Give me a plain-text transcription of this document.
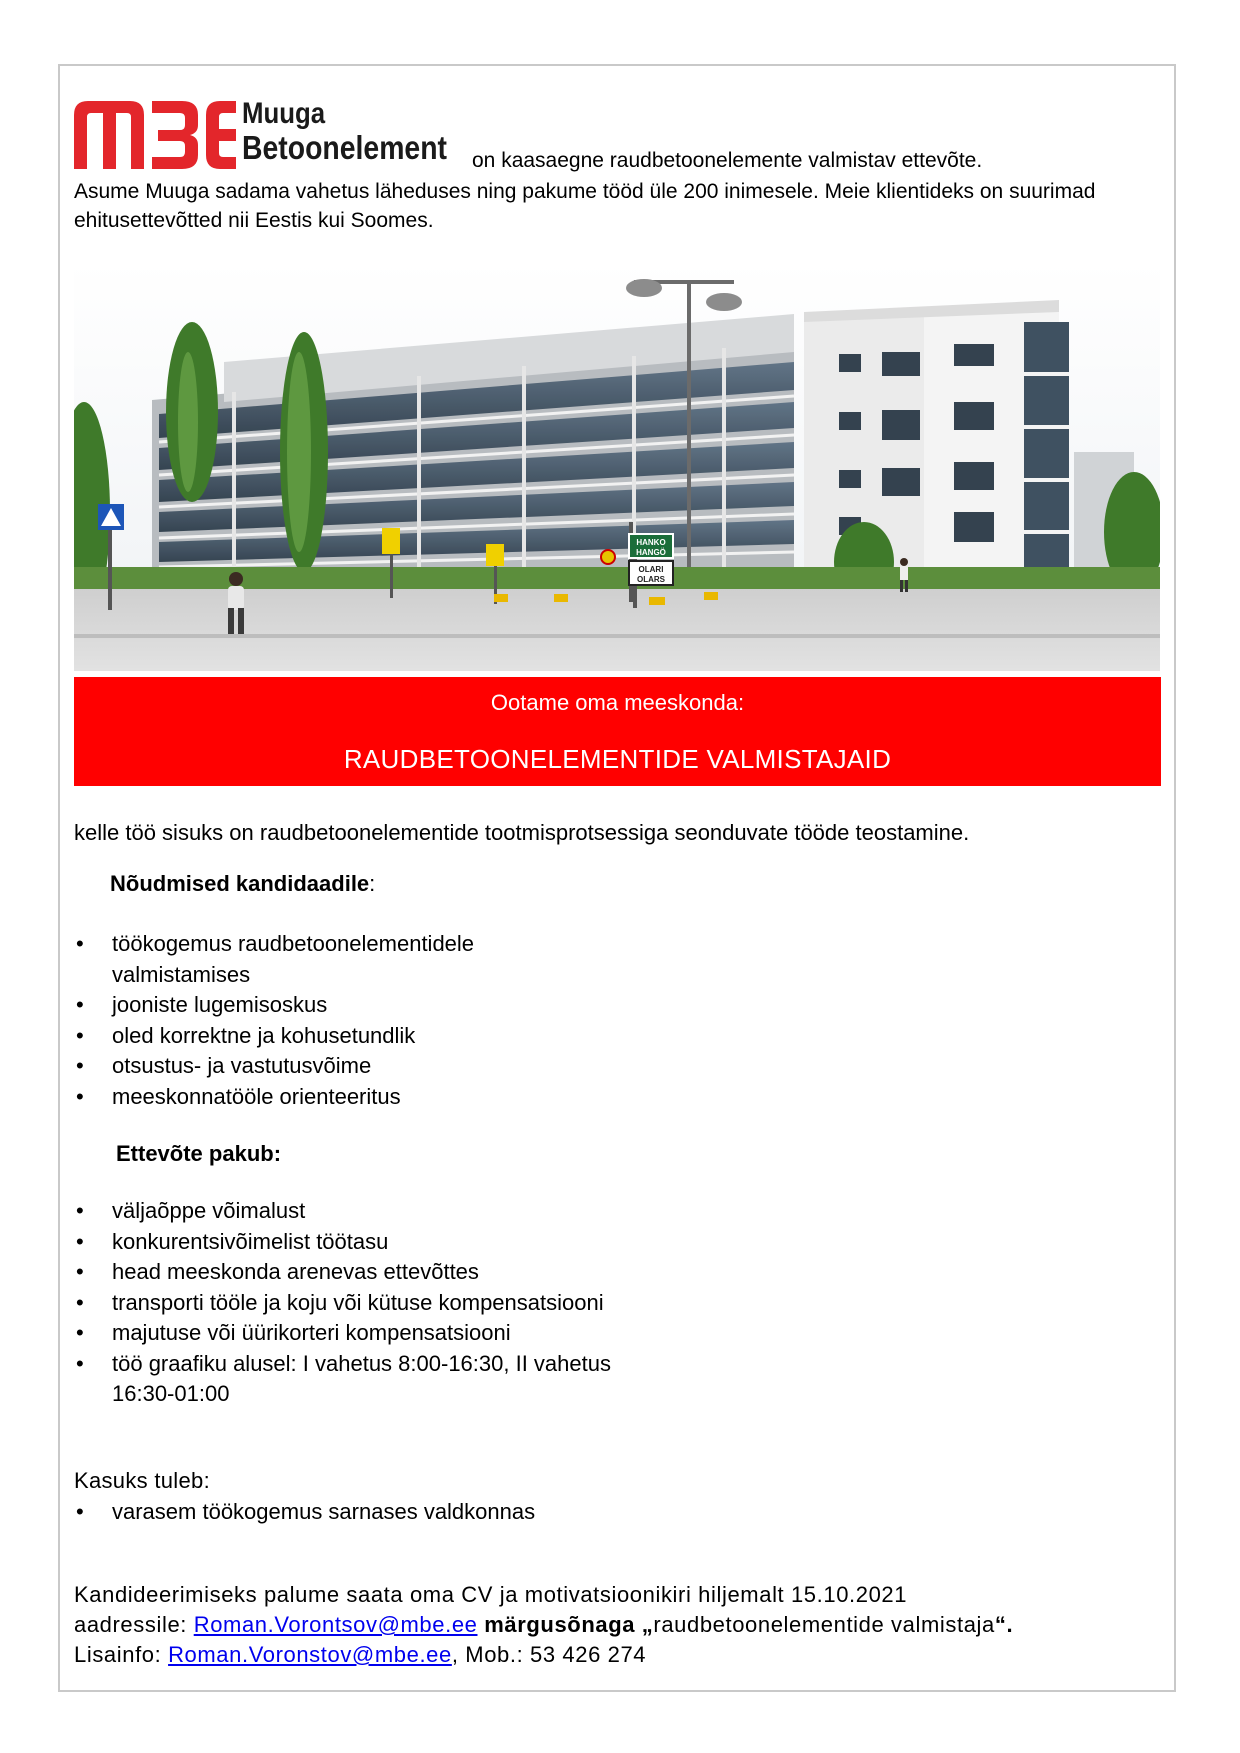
Muuga
Betoonelement on kaasaegne raudbetoonelemente valmistav ettevõte.

Asume Muuga sadama vahetus läheduses ning pakume tööd üle 200 inimesele. Meie klientideks on suurimad ehitusettevõtted nii Eestis kui Soomes.

HANKO
HANGÖ
OLARI
OLARS
Ootame oma meeskonda:
RAUDBETOONELEMENTIDE VALMISTAJAID
kelle töö sisuks on raudbetoonelementide tootmisprotsessiga seonduvate tööde teostamine.
Nõudmised kandidaadile:
• töökogemus raudbetoonelementidele valmistamises
• jooniste lugemisoskus
• oled korrektne ja kohusetundlik
• otsustus- ja vastutusvõime
• meeskonnatööle orienteeritus
Ettevõte pakub:
• väljaõppe võimalust
• konkurentsivõimelist töötasu
• head meeskonda arenevas ettevõttes
• transporti tööle ja koju või kütuse kompensatsiooni
• majutuse või üürikorteri kompensatsiooni
• töö graafiku alusel: I vahetus 8:00-16:30, II vahetus 16:30-01:00
Kasuks tuleb:
• varasem töökogemus sarnases valdkonnas

Kandideerimiseks palume saata oma CV ja motivatsioonikiri hiljemalt 15.10.2021
aadressile: Roman.Vorontsov@mbe.ee märgusõnaga „raudbetoonelementide valmistaja“.
Lisainfo: Roman.Voronstov@mbe.ee, Mob.: 53 426 274
